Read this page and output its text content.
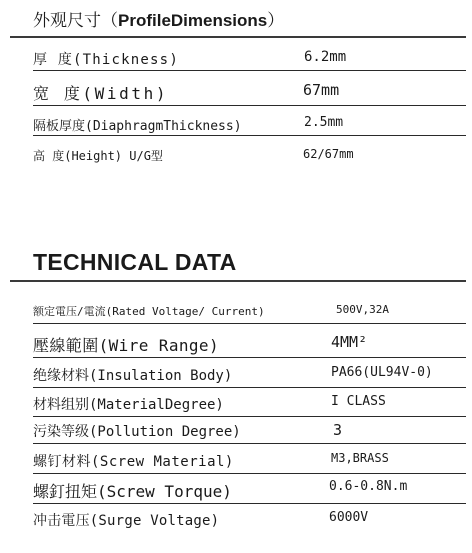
外观尺寸（ProfileDimensions）
厚 度(Thickness)	6.2mm
宽 度(Width)	67mm
隔板厚度(DiaphragmThickness)	2.5mm
高 度(Height) U/G型	62/67mm
TECHNICAL DATA
额定電压/電流(Rated Voltage/ Current)	500V,32A
壓線範圍(Wire Range)	4MM²
绝缘材料(Insulation Body)	PA66(UL94V-0)
材料组别(MaterialDegree)	I CLASS
污染等级(Pollution Degree)	3
螺钉材料(Screw Material)	M3,BRASS
螺釘扭矩(Screw Torque)	0.6-0.8N.m
冲击電压(Surge Voltage)	6000V
